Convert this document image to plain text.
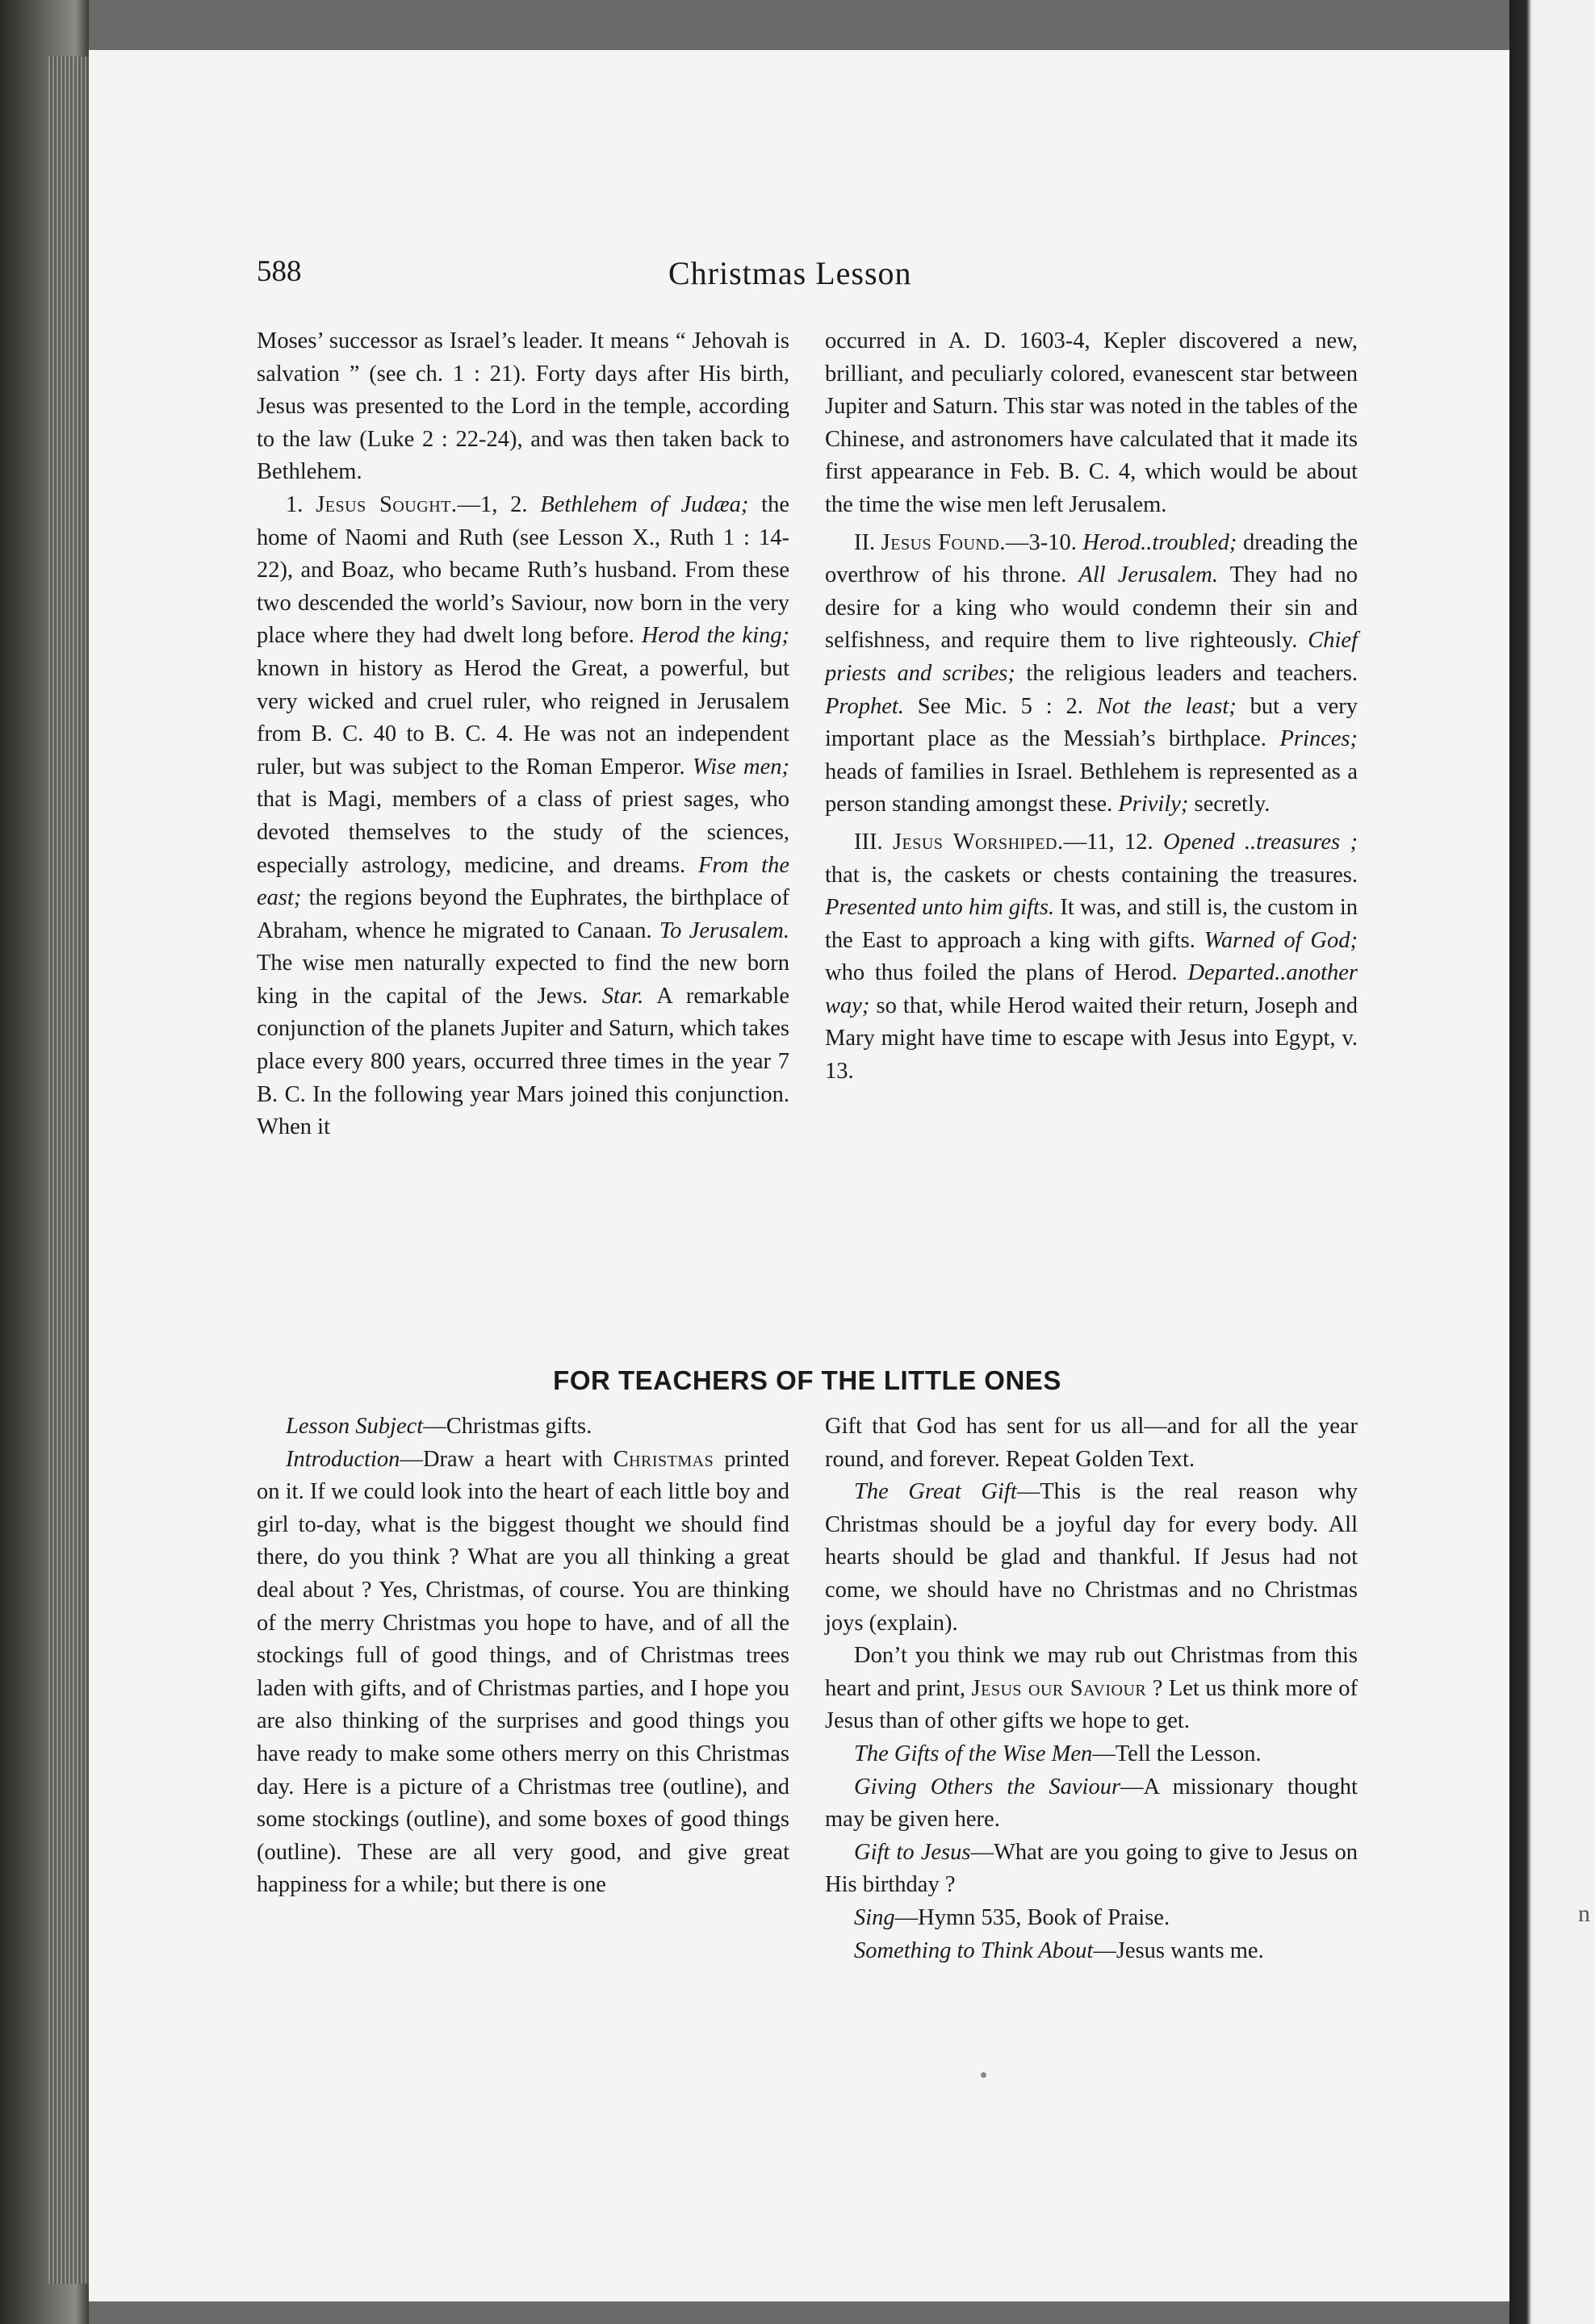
n
588	Christmas Lesson

Moses’ successor as Israel’s leader. It means “ Jehovah is salvation ” (see ch. 1 : 21). Forty days after His birth, Jesus was presented to the Lord in the temple, according to the law (Luke 2 : 22-24), and was then taken back to Bethlehem.

1. Jesus Sought.—1, 2. Bethlehem of Judæa; the home of Naomi and Ruth (see Lesson X., Ruth 1 : 14-22), and Boaz, who became Ruth’s husband. From these two descended the world’s Saviour, now born in the very place where they had dwelt long before. Herod the king; known in history as Herod the Great, a powerful, but very wicked and cruel ruler, who reigned in Jerusalem from B. C. 40 to B. C. 4. He was not an independent ruler, but was subject to the Roman Emperor. Wise men; that is Magi, members of a class of priest sages, who devoted themselves to the study of the sciences, especially astrology, medicine, and dreams. From the east; the regions beyond the Euphrates, the birthplace of Abraham, whence he migrated to Canaan. To Jerusalem. The wise men naturally expected to find the new born king in the capital of the Jews. Star. A remarkable conjunction of the planets Jupiter and Saturn, which takes place every 800 years, occurred three times in the year 7 B. C. In the following year Mars joined this conjunction. When it

occurred in A. D. 1603-4, Kepler discovered a new, brilliant, and peculiarly colored, evanescent star between Jupiter and Saturn. This star was noted in the tables of the Chinese, and astronomers have calculated that it made its first appearance in Feb. B. C. 4, which would be about the time the wise men left Jerusalem.

II. Jesus Found.—3-10. Herod..troubled; dreading the overthrow of his throne. All Jerusalem. They had no desire for a king who would condemn their sin and selfishness, and require them to live righteously. Chief priests and scribes; the religious leaders and teachers. Prophet. See Mic. 5 : 2. Not the least; but a very important place as the Messiah’s birthplace. Princes; heads of families in Israel. Bethlehem is represented as a person standing amongst these. Privily; secretly.

III. Jesus Worshiped.—11, 12. Opened ..treasures ; that is, the caskets or chests containing the treasures. Presented unto him gifts. It was, and still is, the custom in the East to approach a king with gifts. Warned of God; who thus foiled the plans of Herod. Departed..another way; so that, while Herod waited their return, Joseph and Mary might have time to escape with Jesus into Egypt, v. 13.

FOR TEACHERS OF THE LITTLE ONES

Lesson Subject—Christmas gifts.

Introduction—Draw a heart with Christmas printed on it. If we could look into the heart of each little boy and girl to-day, what is the biggest thought we should find there, do you think ? What are you all thinking a great deal about ? Yes, Christmas, of course. You are thinking of the merry Christmas you hope to have, and of all the stockings full of good things, and of Christmas trees laden with gifts, and of Christmas parties, and I hope you are also thinking of the surprises and good things you have ready to make some others merry on this Christmas day. Here is a picture of a Christmas tree (outline), and some stockings (outline), and some boxes of good things (outline). These are all very good, and give great happiness for a while; but there is one

Gift that God has sent for us all—and for all the year round, and forever. Repeat Golden Text.

The Great Gift—This is the real reason why Christmas should be a joyful day for every body. All hearts should be glad and thankful. If Jesus had not come, we should have no Christmas and no Christmas joys (explain).

Don’t you think we may rub out Christmas from this heart and print, Jesus our Saviour ? Let us think more of Jesus than of other gifts we hope to get.

The Gifts of the Wise Men—Tell the Lesson.

Giving Others the Saviour—A missionary thought may be given here.

Gift to Jesus—What are you going to give to Jesus on His birthday ?

Sing—Hymn 535, Book of Praise.

Something to Think About—Jesus wants me.
